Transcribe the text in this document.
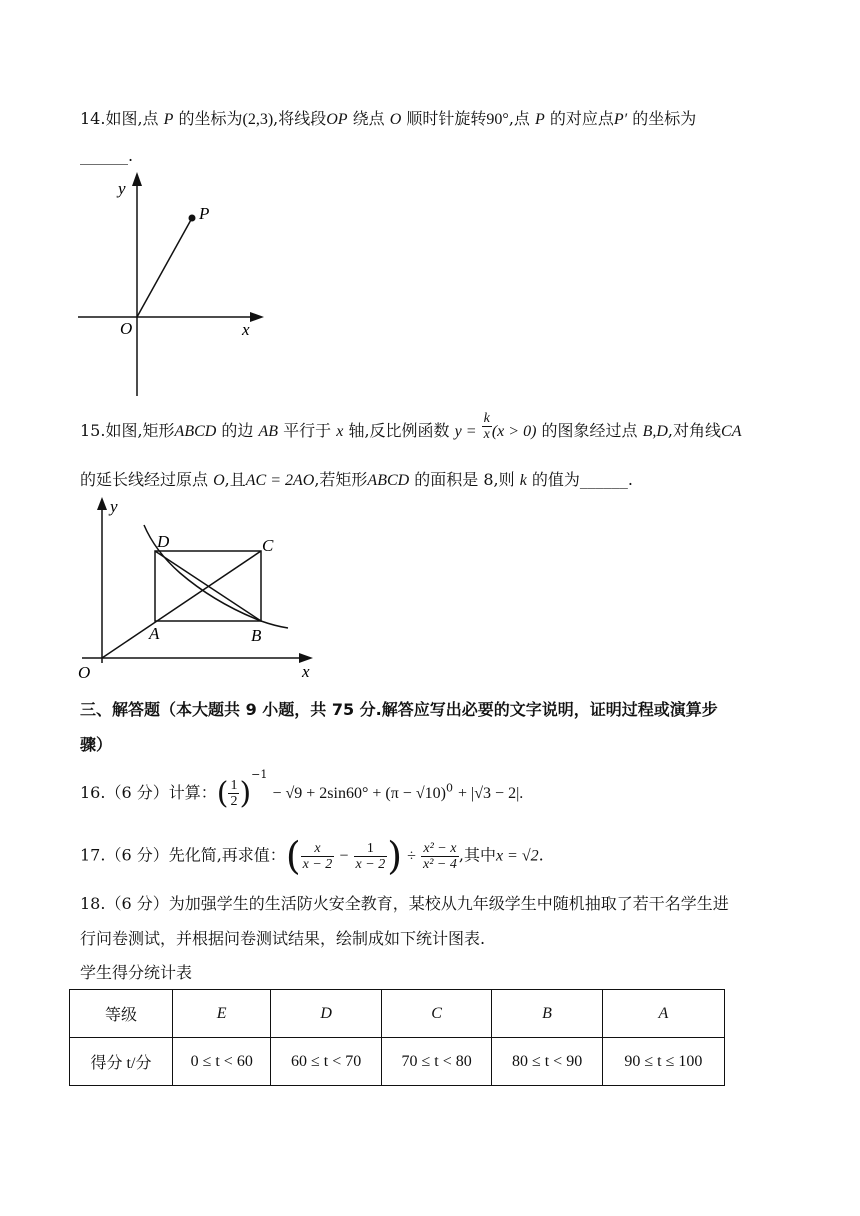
14.如图,点 P 的坐标为(2,3),将线段OP 绕点 O 顺时针旋转90°,点 P 的对应点P′ 的坐标为
______.
y
x
O
P
15.如图,矩形ABCD 的边 AB 平行于 x 轴,反比例函数 $y = \frac{k}{x} (x > 0)$ 的图象经过点 B,D,对角线CA
的延长线经过原点 O,且AC = 2AO,若矩形ABCD 的面积是 8,则 k 的值为______.
y
x
O
D	C
A	B
三、解答题（本大题共 9 小题，共 75 分.解答应写出必要的文字说明，证明过程或演算步
骤）
16.（6 分）计算：( $\frac{1}{2} )^{-1} - √9 + 2\sin 60^\circ + (\pi - √10)^0 + |√3 - 2|$.
17.（6 分）先化简,再求值：( $\frac{x}{x - 2} - \frac{1}{x - 2}$ ) ÷ $\frac{\text{x² − x}}{\text{x² − 4}}$ ,其中x = √2.
18.（6 分）为加强学生的生活防火安全教育，某校从九年级学生中随机抽取了若干名学生进
行问卷测试，并根据问卷测试结果，绘制成如下统计图表.
学生得分统计表
等级	E	D	C	B	A
得分 t/分	0 ≤ t < 60	60 ≤ t < 70	70 ≤ t < 80	80 ≤ t < 90	90 ≤ t ≤ 100
